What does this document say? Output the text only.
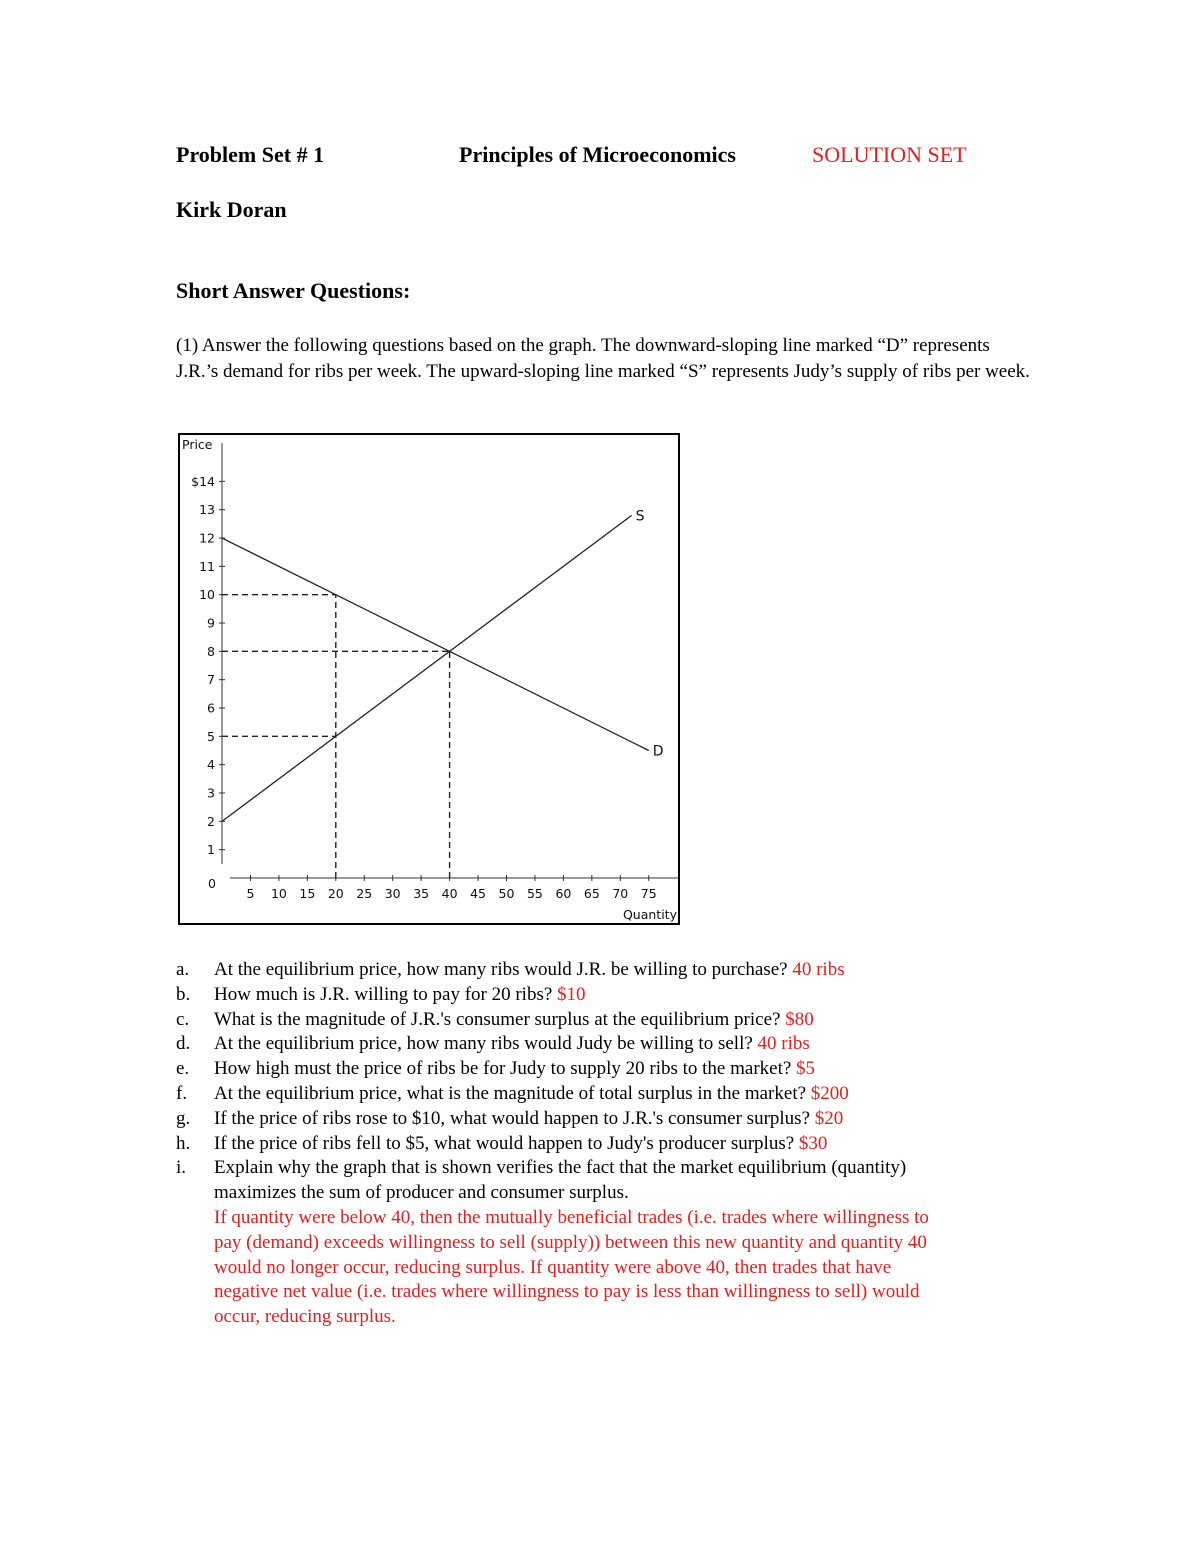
Problem Set # 1	Principles of Microeconomics	SOLUTION SET
Kirk Doran
Short Answer Questions:
(1) Answer the following questions based on the graph. The downward-sloping line marked “D” represents J.R.’s demand for ribs per week. The upward-sloping line marked “S” represents Judy’s supply of ribs per week.
1
2
3
4
5
6
7
8
9
10
11
12
13
$14
5 10 15 20 25 30 35 40 45 50 55 60 65 70 75
0
Price
Quantity
S
D
a.	At the equilibrium price, how many ribs would J.R. be willing to purchase? 40 ribs
b.	How much is J.R. willing to pay for 20 ribs? $10
c.	What is the magnitude of J.R.'s consumer surplus at the equilibrium price? $80
d.	At the equilibrium price, how many ribs would Judy be willing to sell? 40 ribs
e.	How high must the price of ribs be for Judy to supply 20 ribs to the market? $5
f.	At the equilibrium price, what is the magnitude of total surplus in the market? $200
g.	If the price of ribs rose to $10, what would happen to J.R.'s consumer surplus? $20
h.	If the price of ribs fell to $5, what would happen to Judy's producer surplus? $30
i.	Explain why the graph that is shown verifies the fact that the market equilibrium (quantity) maximizes the sum of producer and consumer surplus.
If quantity were below 40, then the mutually beneficial trades (i.e. trades where willingness to pay (demand) exceeds willingness to sell (supply)) between this new quantity and quantity 40 would no longer occur, reducing surplus. If quantity were above 40, then trades that have negative net value (i.e. trades where willingness to pay is less than willingness to sell) would occur, reducing surplus.
